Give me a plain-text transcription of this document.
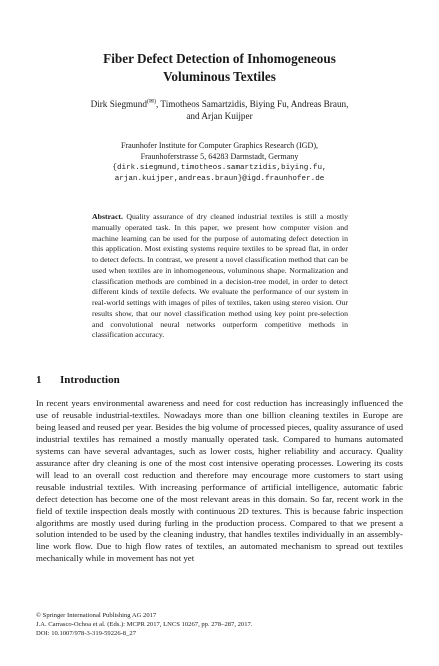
Fiber Defect Detection of Inhomogeneous
Voluminous Textiles
Dirk Siegmund(✉), Timotheos Samartzidis, Biying Fu, Andreas Braun,
and Arjan Kuijper
Fraunhofer Institute for Computer Graphics Research (IGD),
Fraunhoferstrasse 5, 64283 Darmstadt, Germany
{dirk.siegmund,timotheos.samartzidis,biying.fu,
arjan.kuijper,andreas.braun}@igd.fraunhofer.de
Abstract. Quality assurance of dry cleaned industrial textiles is still a mostly manually operated task. In this paper, we present how computer vision and machine learning can be used for the purpose of automating defect detection in this application. Most existing systems require textiles to be spread flat, in order to detect defects. In contrast, we present a novel classification method that can be used when textiles are in inhomogeneous, voluminous shape. Normalization and classification methods are combined in a decision-tree model, in order to detect different kinds of textile defects. We evaluate the performance of our system in real-world settings with images of piles of textiles, taken using stereo vision. Our results show, that our novel classification method using key point pre-selection and convolutional neural networks outperform competitive methods in classification accuracy.
1 Introduction
In recent years environmental awareness and need for cost reduction has increasingly influenced the use of reusable industrial-textiles. Nowadays more than one billion cleaning textiles in Europe are being leased and reused per year. Besides the big volume of processed pieces, quality assurance of used industrial textiles has remained a mostly manually operated task. Compared to humans automated systems can have several advantages, such as lower costs, higher reliability and accuracy. Quality assurance after dry cleaning is one of the most cost intensive operating processes. Lowering its costs will lead to an overall cost reduction and therefore may encourage more customers to start using reusable industrial textiles. With increasing performance of artificial intelligence, automatic fabric defect detection has become one of the most relevant areas in this domain. So far, recent work in the field of textile inspection deals mostly with continuous 2D textures. This is because fabric inspection algorithms are mostly used during furling in the production process. Compared to that we present a solution intended to be used by the cleaning industry, that handles textiles individually in an assembly-line work flow. Due to high flow rates of textiles, an automated mechanism to spread out textiles mechanically while in movement has not yet
© Springer International Publishing AG 2017
J.A. Carrasco-Ochoa et al. (Eds.): MCPR 2017, LNCS 10267, pp. 278–287, 2017.
DOI: 10.1007/978-3-319-59226-8_27
